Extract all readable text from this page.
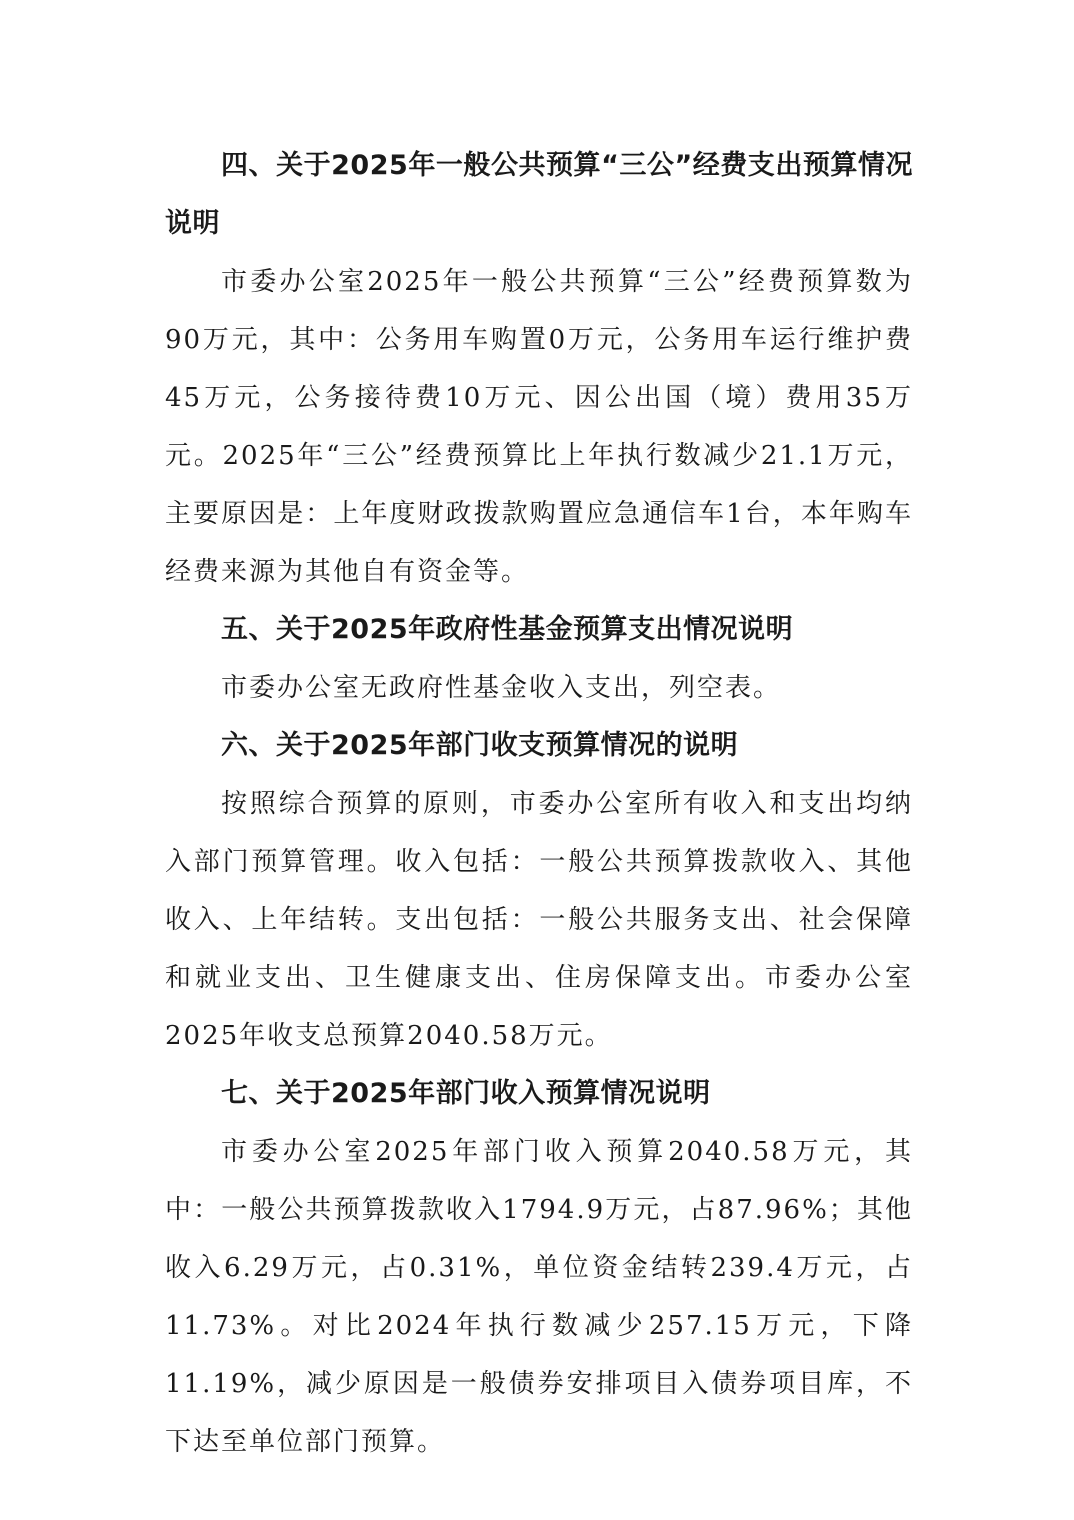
四、关于2025年一般公共预算“三公”经费支出预算情况说明

市委办公室2025年一般公共预算“三公”经费预算数为90万元，其中：公务用车购置0万元，公务用车运行维护费45万元，公务接待费10万元、因公出国（境）费用35万元。2025年“三公”经费预算比上年执行数减少21.1万元，主要原因是：上年度财政拨款购置应急通信车1台，本年购车经费来源为其他自有资金等。

五、关于2025年政府性基金预算支出情况说明

市委办公室无政府性基金收入支出，列空表。

六、关于2025年部门收支预算情况的说明

按照综合预算的原则，市委办公室所有收入和支出均纳入部门预算管理。收入包括：一般公共预算拨款收入、其他收入、上年结转。支出包括：一般公共服务支出、社会保障和就业支出、卫生健康支出、住房保障支出。市委办公室2025年收支总预算2040.58万元。

七、关于2025年部门收入预算情况说明

市委办公室2025年部门收入预算2040.58万元，其中：一般公共预算拨款收入1794.9万元，占87.96%；其他收入6.29万元，占0.31%，单位资金结转239.4万元，占11.73%。对比2024年执行数减少257.15万元，下降11.19%，减少原因是一般债券安排项目入债券项目库，不下达至单位部门预算。
